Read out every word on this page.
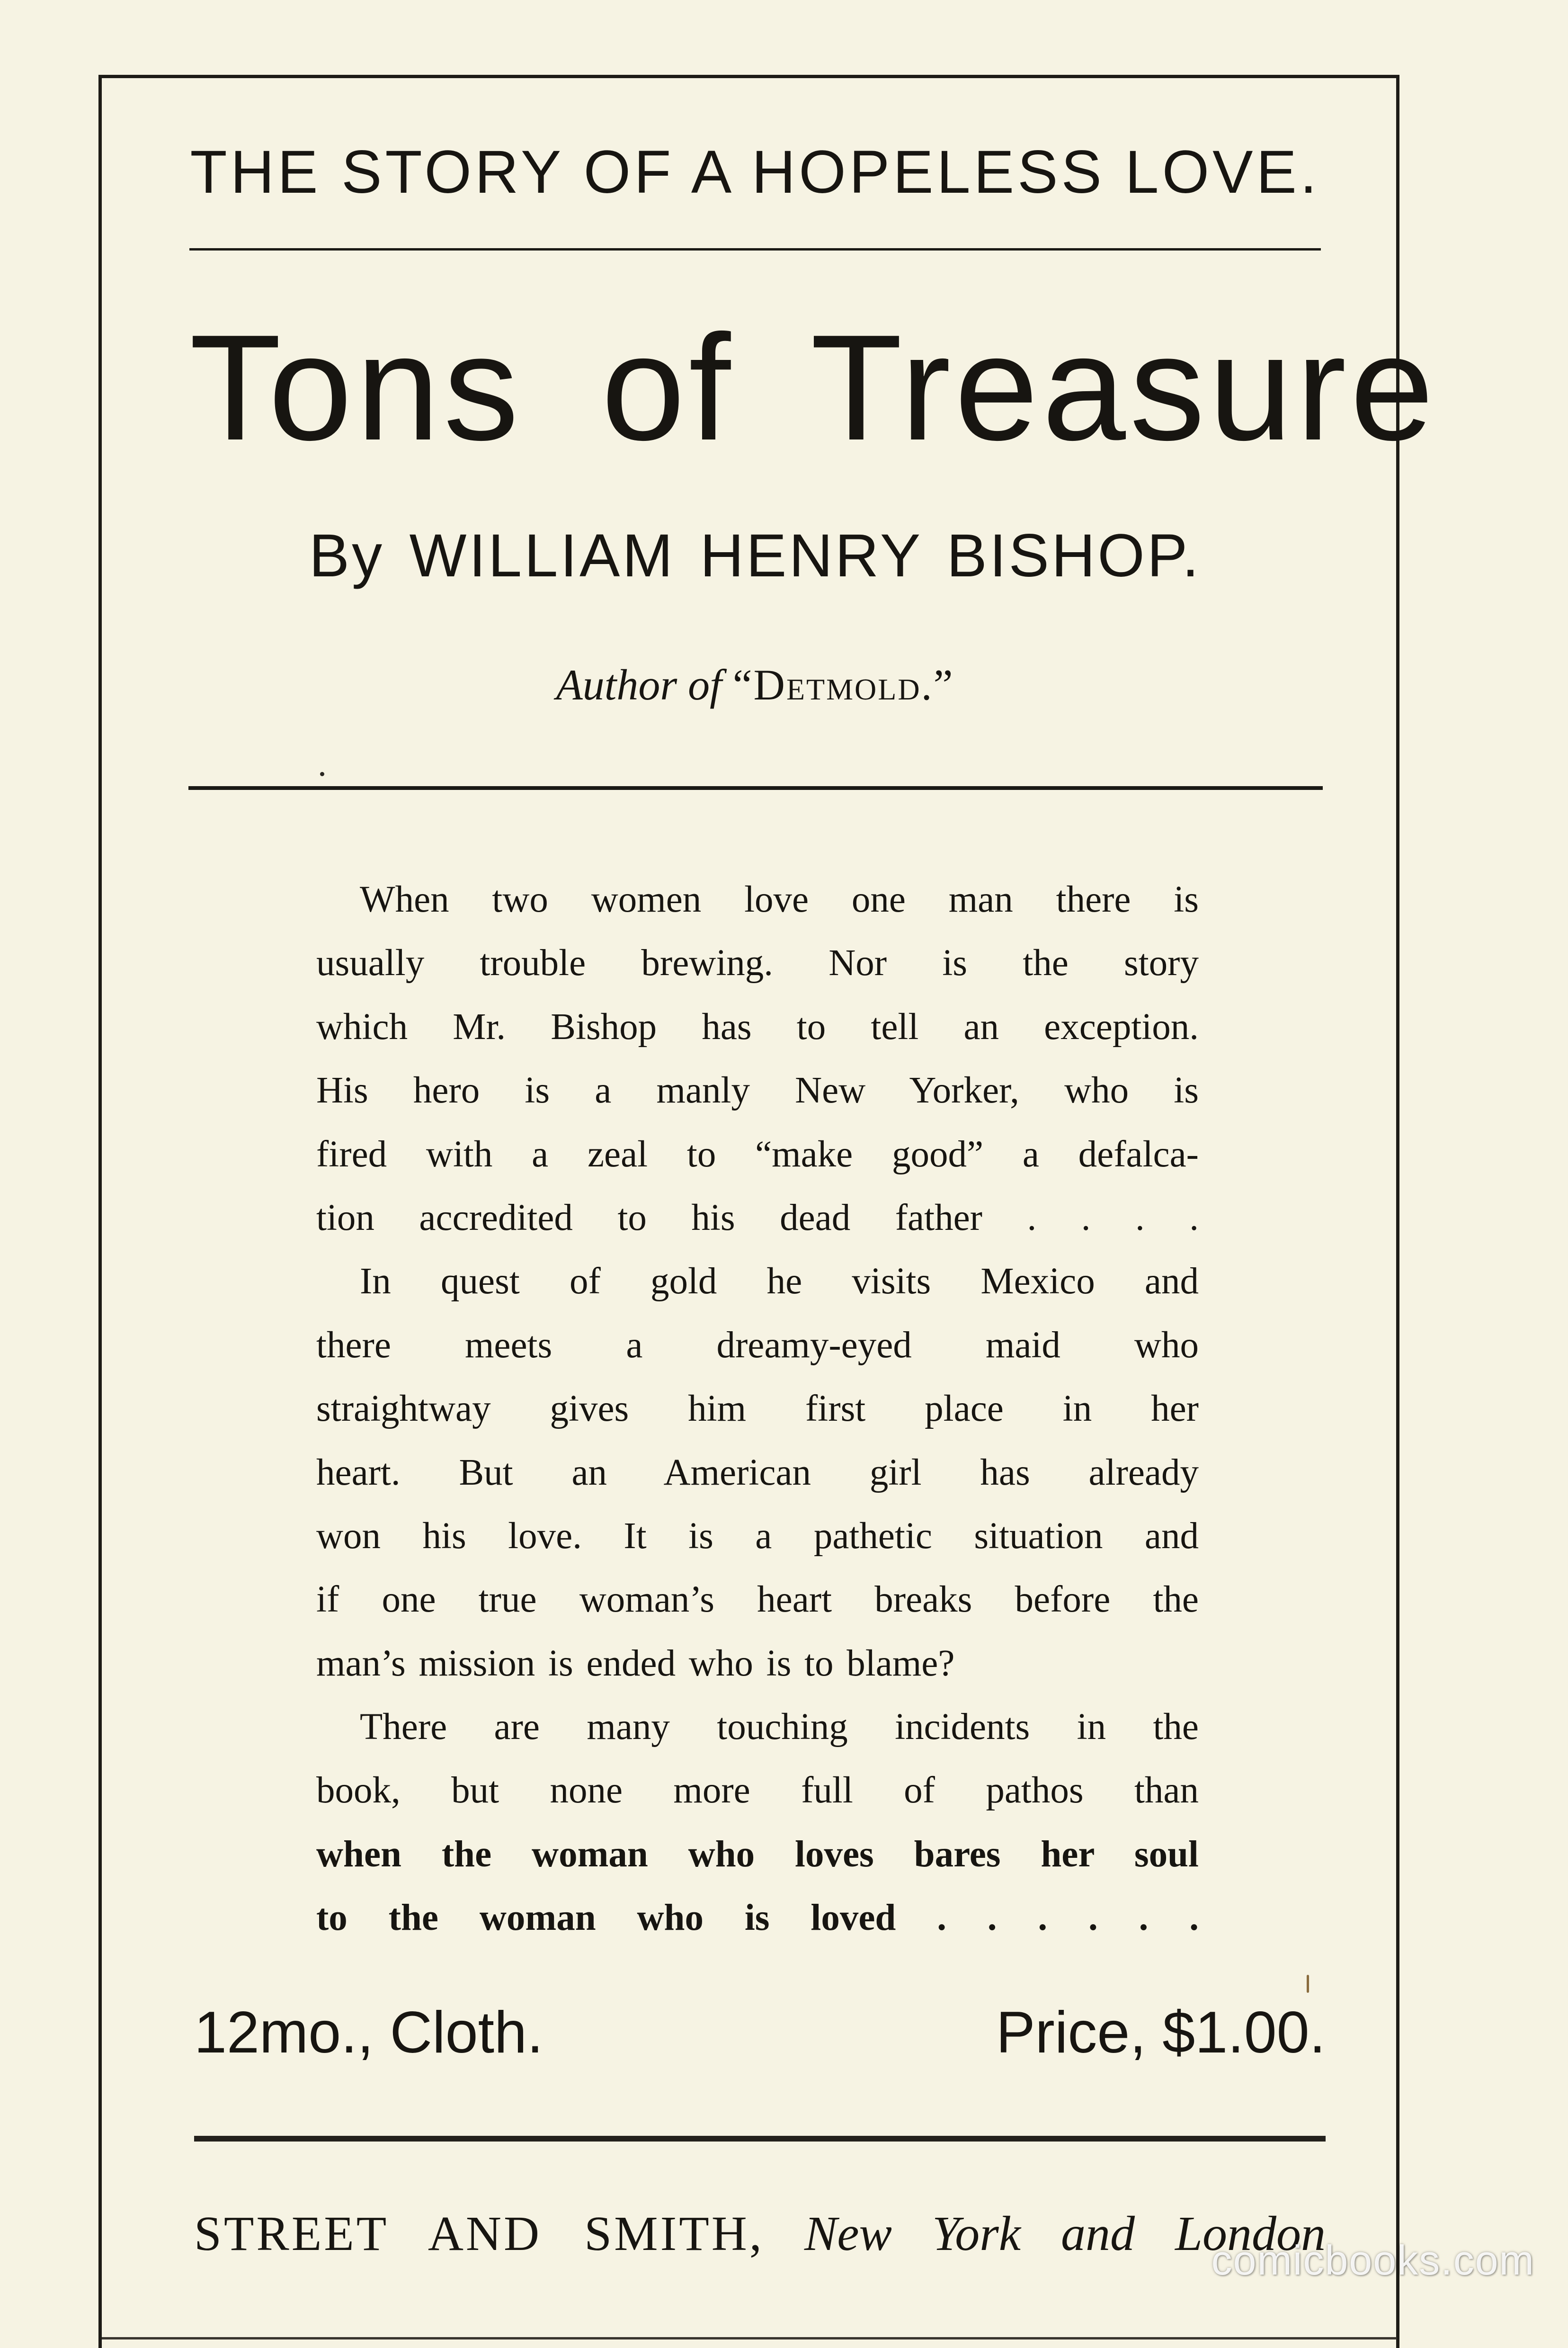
THE STORY OF A HOPELESS LOVE.
Tons of Treasure
By WILLIAM HENRY BISHOP.
Author of “Detmold.”
When two women love one man there is
usually trouble brewing. Nor is the story
which Mr. Bishop has to tell an exception.
His hero is a manly New Yorker, who is
fired with a zeal to “make good” a defalca-
tion accredited to his dead father . . . .
In quest of gold he visits Mexico and
there meets a dreamy-eyed maid who
straightway gives him first place in her
heart. But an American girl has already
won his love. It is a pathetic situation and
if one true woman’s heart breaks before the
man’s mission is ended who is to blame?
There are many touching incidents in the
book, but none more full of pathos than
when the woman who loves bares her soul
to the woman who is loved . . . . . .
12mo., Cloth.	Price, $1.00.
STREET AND SMITH, New York and London
comicbooks.com
